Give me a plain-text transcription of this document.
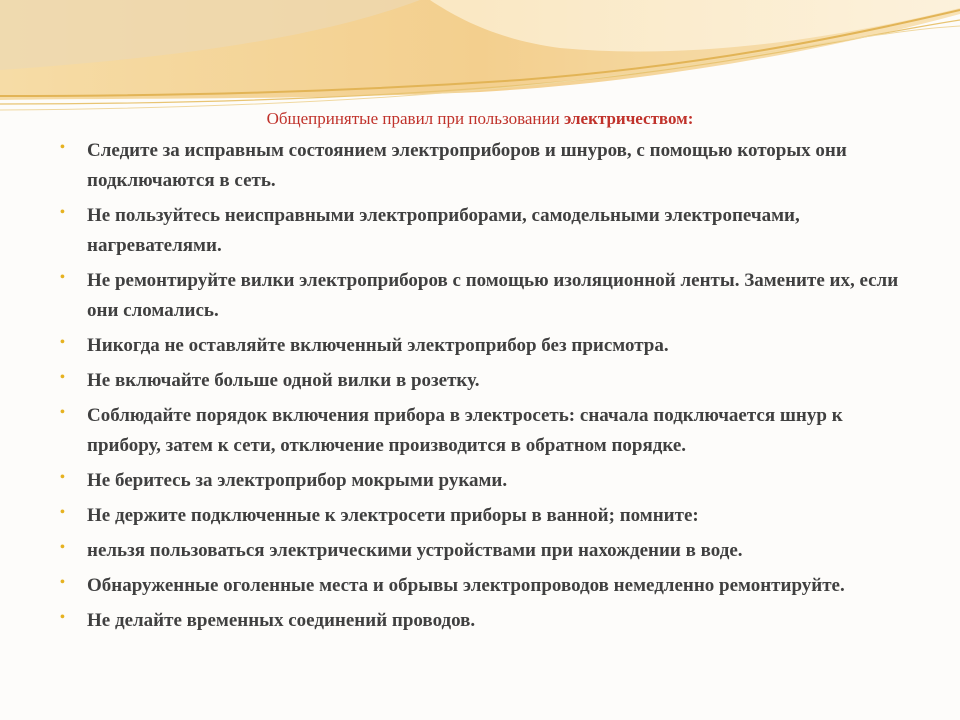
Общепринятые правил при пользовании электричеством:
• Следите за исправным состоянием электроприборов и шнуров, с помощью которых они подключаются в сеть.
• Не пользуйтесь неисправными электроприборами, самодельными электропечами, нагревателями.
• Не ремонтируйте вилки электроприборов с помощью изоляционной ленты. Замените их, если они сломались.
• Никогда не оставляйте включенный электроприбор без присмотра.
• Не включайте больше одной вилки в розетку.
• Соблюдайте порядок включения прибора в электросеть: сначала подключается шнур к прибору, затем к сети, отключение производится в обратном порядке.
• Не беритесь за электроприбор мокрыми руками.
• Не держите подключенные к электросети приборы в ванной; помните:
• нельзя пользоваться электрическими устройствами при нахождении в воде.
• Обнаруженные оголенные места и обрывы электропроводов немедленно ремонтируйте.
• Не делайте временных соединений проводов.
